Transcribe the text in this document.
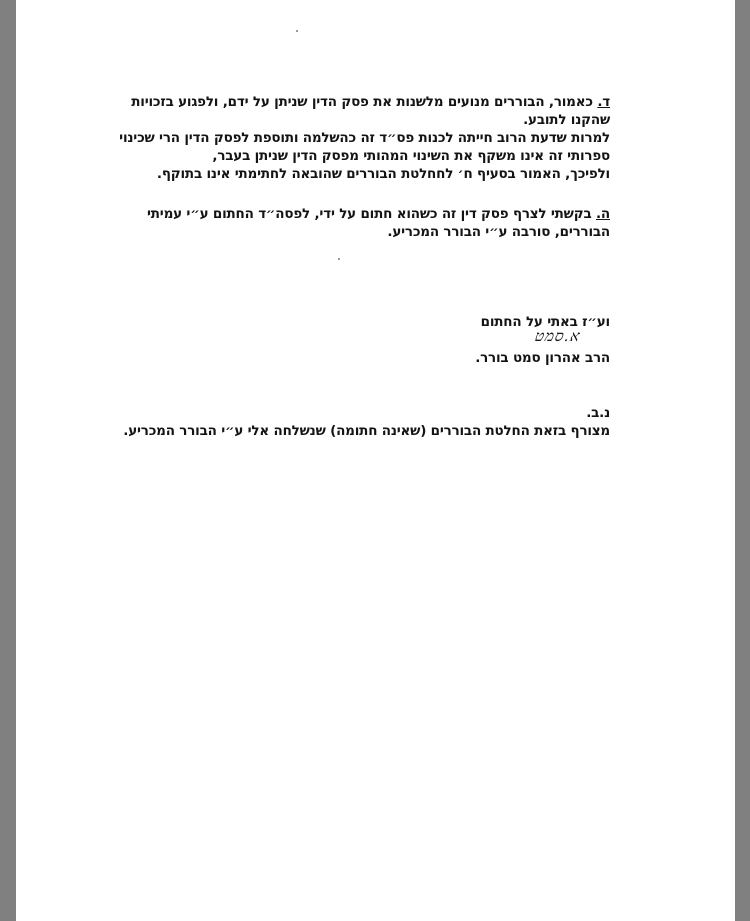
ד. כאמור, הבוררים מנועים מלשנות את פסק הדין שניתן על ידם, ולפגוע בזכויות
שהקנו לתובע.
למרות שדעת הרוב חייתה לכנות פס״ד זה כהשלמה ותוספת לפסק הדין הרי שכינוי
ספרותי זה אינו משקף את השינוי המהותי מפסק הדין שניתן בעבר,
ולפיכך, האמור בסעיף ח׳ לחחלטת הבוררים שהובאה לחתימתי אינו בתוקף.
ה. בקשתי לצרף פסק דין זה כשהוא חתום על ידי, לפסה״ד החתום ע״י עמיתי
הבוררים, סורבה ע״י הבורר המכריע.
וע״ז באתי על החתום
הרב אהרון סמט בורר.
א.סמט
נ.ב.
מצורף בזאת החלטת הבוררים (שאינה חתומה) שנשלחה אלי ע״י הבורר המכריע.
